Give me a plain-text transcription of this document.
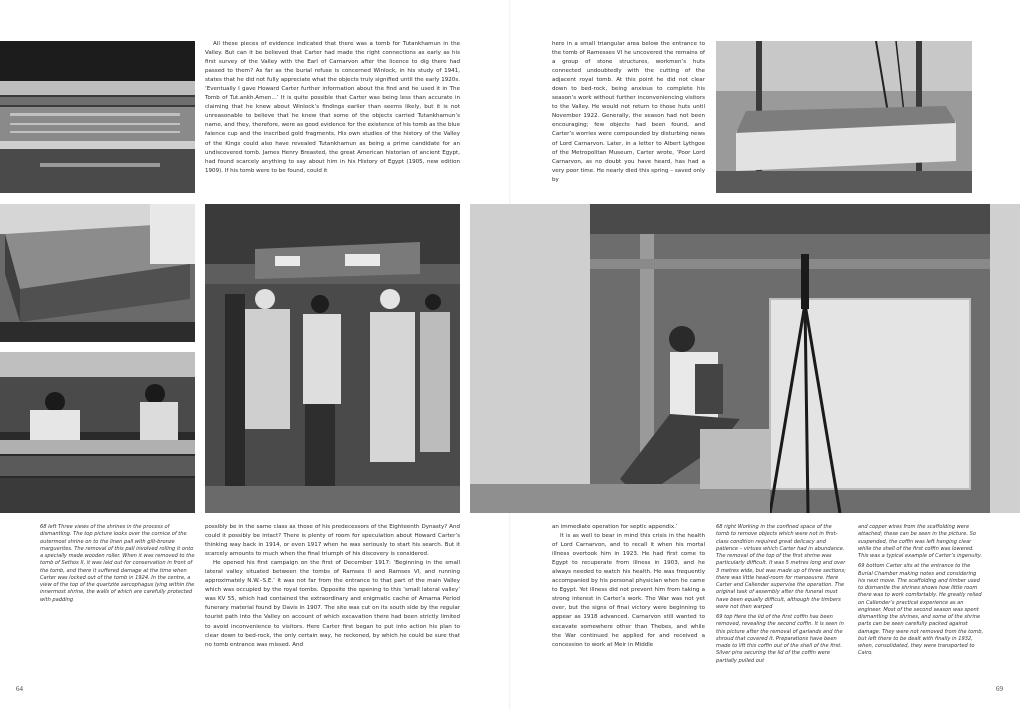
All these pieces of evidence indicated that there was a tomb for Tutankhamun in the Valley. But can it be believed that Carter had made the right connections as early as his first survey of the Valley with the Earl of Carnarvon after the licence to dig there had passed to them? As far as the burial refuse is concerned Winlock, in his study of 1941, states that he did not fully appreciate what the objects truly signified until the early 1920s. ‘Eventually I gave Howard Carter further information about the find and he used it in The Tomb of Tut.ankh.Amen...’ It is quite possible that Carter was being less than accurate in claiming that he knew about Winlock’s findings earlier than seems likely, but it is not unreasonable to believe that he knew that some of the objects carried Tutankhamun’s name, and they, therefore, were as good evidence for the existence of his tomb as the blue faience cup and the inscribed gold fragments. His own studies of the history of the Valley of the Kings could also have revealed Tutankhamun as being a prime candidate for an undiscovered tomb. James Henry Breasted, the great American historian of ancient Egypt, had found scarcely anything to say about him in his History of Egypt (1905, new edition 1909). If his tomb were to be found, could it

possibly be in the same class as those of his predecessors of the Eighteenth Dynasty? And could it possibly be intact? There is plenty of room for speculation about Howard Carter’s thinking way back in 1914, or even 1917 when he was seriously to start his search. But it scarcely amounts to much when the final triumph of his discovery is considered.

He opened his first campaign on the first of December 1917: ‘Beginning in the small lateral valley situated between the tombs of Ramses II and Ramses VI, and running approximately N.W.–S.E.’ It was not far from the entrance to that part of the main Valley which was occupied by the royal tombs. Opposite the opening to this ‘small lateral valley’ was KV 55, which had contained the extraordinary and enigmatic cache of Amarna Period funerary material found by Davis in 1907. The site was cut on its south side by the regular tourist path into the Valley on account of which excavation there had been strictly limited to avoid inconvenience to visitors. Here Carter first began to put into action his plan to clear down to bed-rock, the only certain way, he reckoned, by which he could be sure that no tomb entrance was missed. And

68 left Three views of the shrines in the process of dismantling. The top picture looks over the cornice of the outermost shrine on to the linen pall with gilt-bronze marguerites. The removal of this pall involved rolling it onto a specially made wooden roller. When it was removed to the tomb of Sethos II, it was laid out for conservation in front of the tomb, and there it suffered damage at the time when Carter was locked out of the tomb in 1924. In the centre, a view of the top of the quartzite sarcophagus lying within the innermost shrine, the walls of which are carefully protected with padding
64

here in a small triangular area below the entrance to the tomb of Ramesses VI he uncovered the remains of a group of stone structures, workmen’s huts connected undoubtedly with the cutting of the adjacent royal tomb. At this point he did not clear down to bed-rock, being anxious to complete his season’s work without further inconveniencing visitors to the Valley. He would not return to those huts until November 1922. Generally, the season had not been encouraging; few objects had been found, and Carter’s worries were compounded by disturbing news of Lord Carnarvon. Later, in a letter to Albert Lythgoe of the Metropolitan Museum, Carter wrote, ‘Poor Lord Carnarvon, as no doubt you have heard, has had a very poor time. He nearly died this spring – saved only by

an immediate operation for septic appendix.’

It is as well to bear in mind this crisis in the health of Lord Carnarvon, and to recall it when his mortal illness overtook him in 1923. He had first come to Egypt to recuperate from illness in 1903, and he always needed to watch his health. He was frequently accompanied by his personal physician when he came to Egypt. Yet illness did not prevent him from taking a strong interest in Carter’s work. The War was not yet over, but the signs of final victory were beginning to appear as 1918 advanced. Carnarvon still wanted to excavate somewhere other than Thebes, and while the War continued he applied for and received a concession to work at Meir in Middle

68 right Working in the confined space of the tomb to remove objects which were not in first-class condition required great delicacy and patience – virtues which Carter had in abundance. The removal of the top of the first shrine was particularly difficult. It was 5 metres long and over 3 metres wide, but was made up of three sections; there was little head-room for manoeuvre. Here Carter and Callender supervise the operation. The original task of assembly after the funeral must have been equally difficult, although the timbers were not then warped
69 top Here the lid of the first coffin has been removed, revealing the second coffin. It is seen in this picture after the removal of garlands and the shroud that covered it. Preparations have been made to lift this coffin out of the shell of the first. Silver pins securing the lid of the coffin were partially pulled out
and copper wires from the scaffolding were attached; these can be seen in the picture. So suspended, the coffin was left hanging clear while the shell of the first coffin was lowered. This was a typical example of Carter’s ingenuity.
69 bottom Carter sits at the entrance to the Burial Chamber making notes and considering his next move. The scaffolding and timber used to dismantle the shrines shows how little room there was to work comfortably. He greatly relied on Callender’s practical experience as an engineer. Most of the second season was spent dismantling the shrines, and some of the shrine parts can be seen carefully packed against damage. They were not removed from the tomb, but left there to be dealt with finally in 1932, when, consolidated, they were transported to Cairo.
69
